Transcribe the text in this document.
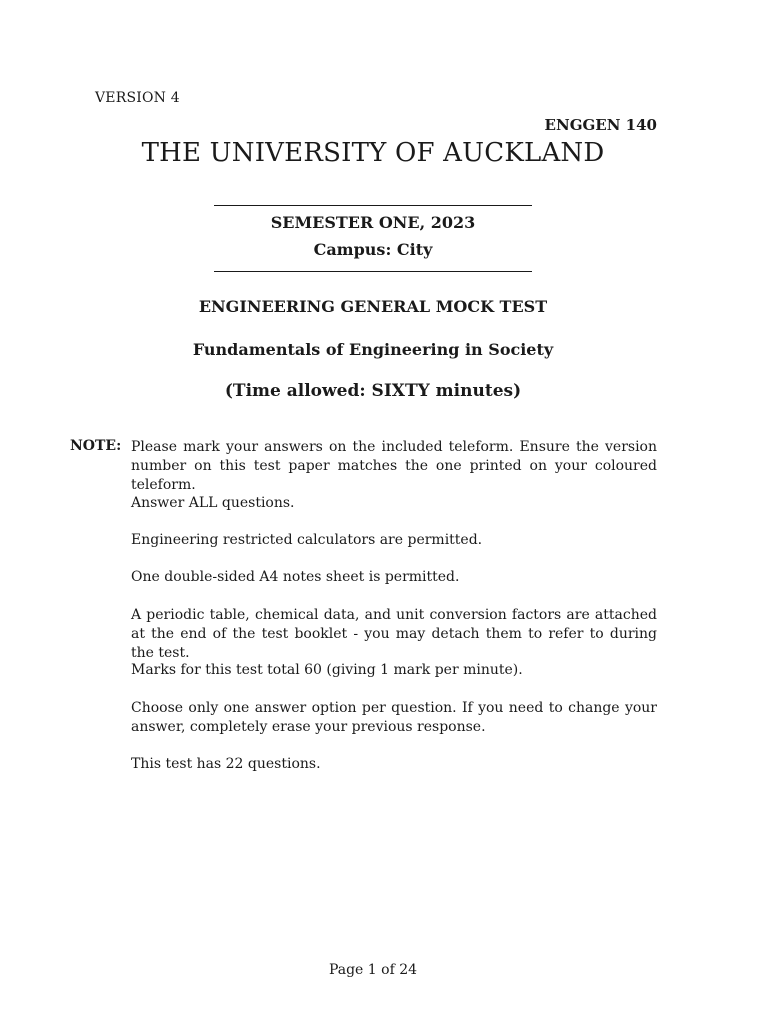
VERSION 4
ENGGEN 140
THE UNIVERSITY OF AUCKLAND
SEMESTER ONE, 2023
Campus: City
ENGINEERING GENERAL MOCK TEST
Fundamentals of Engineering in Society
(Time allowed: SIXTY minutes)
NOTE: Please mark your answers on the included teleform. Ensure the version number on this test paper matches the one printed on your coloured teleform.
Answer ALL questions.
Engineering restricted calculators are permitted.
One double-sided A4 notes sheet is permitted.
A periodic table, chemical data, and unit conversion factors are attached at the end of the test booklet - you may detach them to refer to during the test.
Marks for this test total 60 (giving 1 mark per minute).
Choose only one answer option per question. If you need to change your answer, completely erase your previous response.
This test has 22 questions.
Page 1 of 24
